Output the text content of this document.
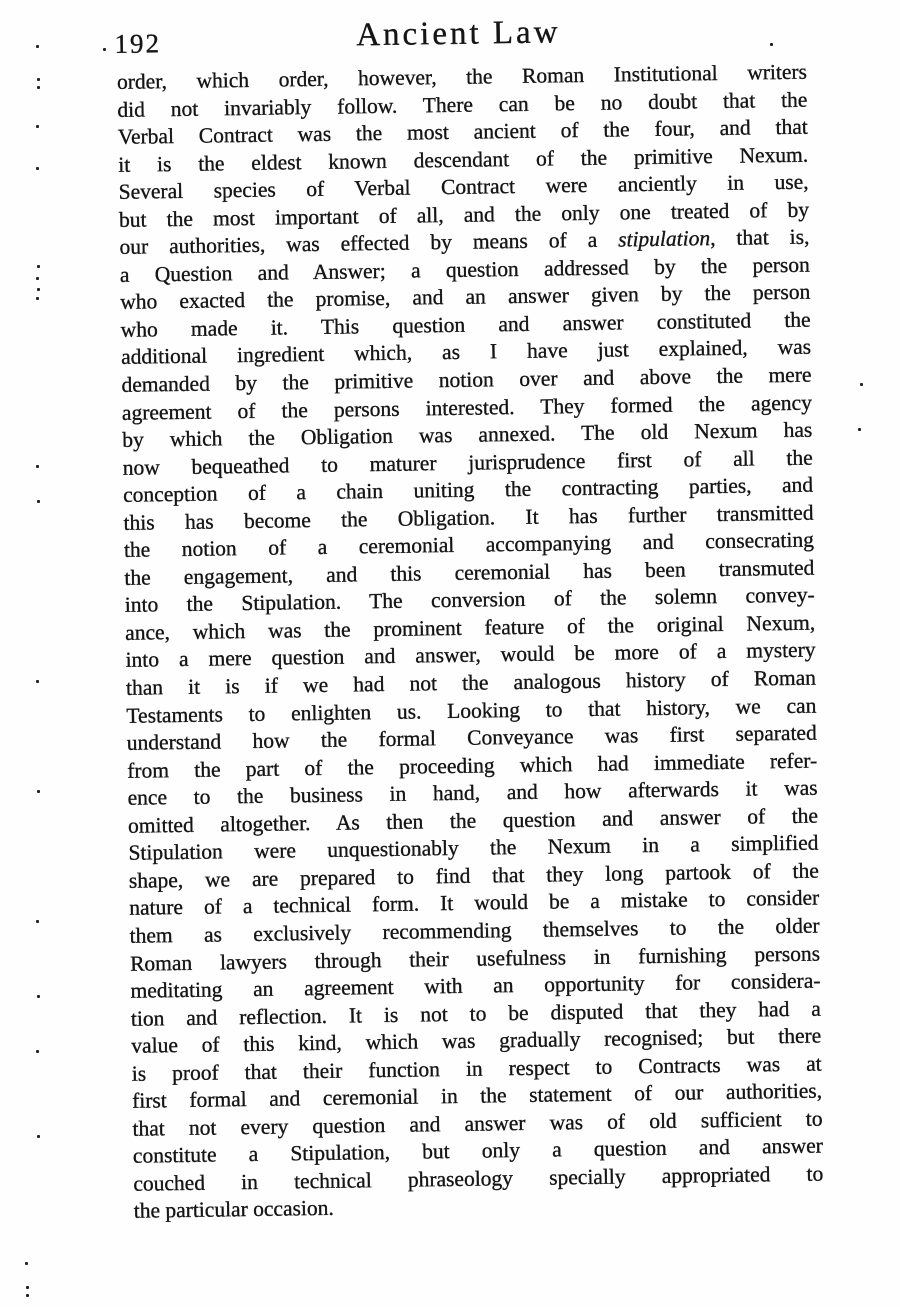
192	Ancient Law
order, which order, however, the Roman Institutional writers
did not invariably follow. There can be no doubt that the
Verbal Contract was the most ancient of the four, and that
it is the eldest known descendant of the primitive Nexum.
Several species of Verbal Contract were anciently in use,
but the most important of all, and the only one treated of by
our authorities, was effected by means of a stipulation, that is,
a Question and Answer; a question addressed by the person
who exacted the promise, and an answer given by the person
who made it. This question and answer constituted the
additional ingredient which, as I have just explained, was
demanded by the primitive notion over and above the mere
agreement of the persons interested. They formed the agency
by which the Obligation was annexed. The old Nexum has
now bequeathed to maturer jurisprudence first of all the
conception of a chain uniting the contracting parties, and
this has become the Obligation. It has further transmitted
the notion of a ceremonial accompanying and consecrating
the engagement, and this ceremonial has been transmuted
into the Stipulation. The conversion of the solemn convey-
ance, which was the prominent feature of the original Nexum,
into a mere question and answer, would be more of a mystery
than it is if we had not the analogous history of Roman
Testaments to enlighten us. Looking to that history, we can
understand how the formal Conveyance was first separated
from the part of the proceeding which had immediate refer-
ence to the business in hand, and how afterwards it was
omitted altogether. As then the question and answer of the
Stipulation were unquestionably the Nexum in a simplified
shape, we are prepared to find that they long partook of the
nature of a technical form. It would be a mistake to consider
them as exclusively recommending themselves to the older
Roman lawyers through their usefulness in furnishing persons
meditating an agreement with an opportunity for considera-
tion and reflection. It is not to be disputed that they had a
value of this kind, which was gradually recognised; but there
is proof that their function in respect to Contracts was at
first formal and ceremonial in the statement of our authorities,
that not every question and answer was of old sufficient to
constitute a Stipulation, but only a question and answer
couched in technical phraseology specially appropriated to
the particular occasion.
